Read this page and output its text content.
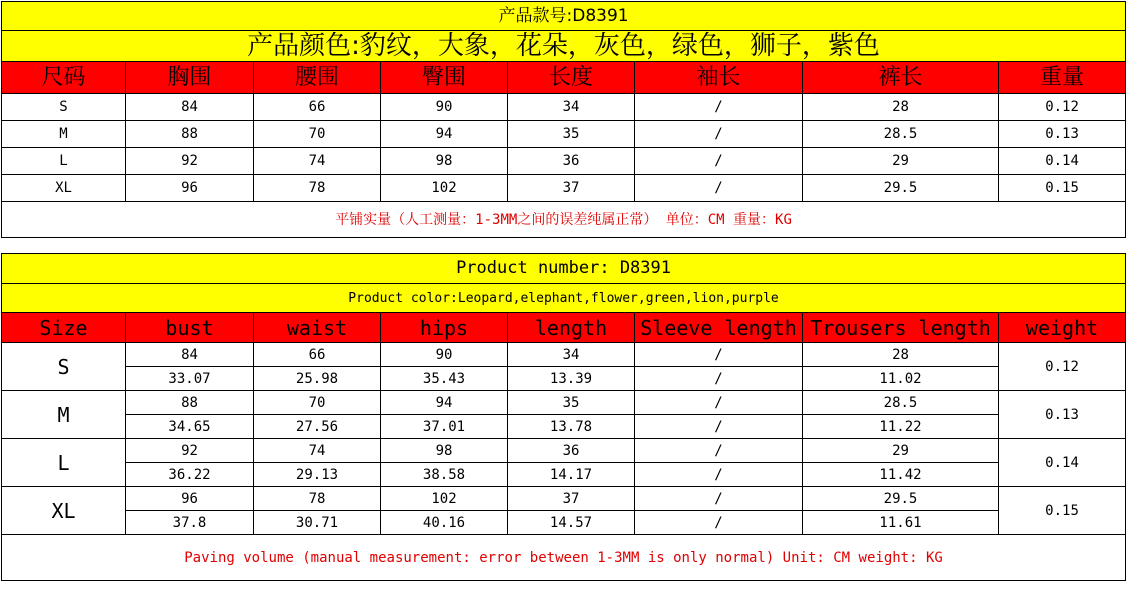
产品款号:D8391							
产品颜色:豹纹，大象，花朵，灰色，绿色，狮子，紫色							
尺码	胸围	腰围	臀围	长度	袖长	裤长	重量
S	84	66	90	34	/	28	0.12
M	88	70	94	35	/	28.5	0.13
L	92	74	98	36	/	29	0.14
XL	96	78	102	37	/	29.5	0.15
平铺实量（人工测量：1-3MM之间的误差纯属正常） 单位：CM 重量：KG							
Product number: D8391							
Product color:Leopard,elephant,flower,green,lion,purple							
Size	bust	waist	hips	length	Sleeve length	Trousers length	weight
S	84	66	90	34	/	28	0.12
	33.07	25.98	35.43	13.39	/	11.02	
M	88	70	94	35	/	28.5	0.13
	34.65	27.56	37.01	13.78	/	11.22	
L	92	74	98	36	/	29	0.14
	36.22	29.13	38.58	14.17	/	11.42	
XL	96	78	102	37	/	29.5	0.15
	37.8	30.71	40.16	14.57	/	11.61	
Paving volume (manual measurement: error between 1-3MM is only normal) Unit: CM weight: KG							
